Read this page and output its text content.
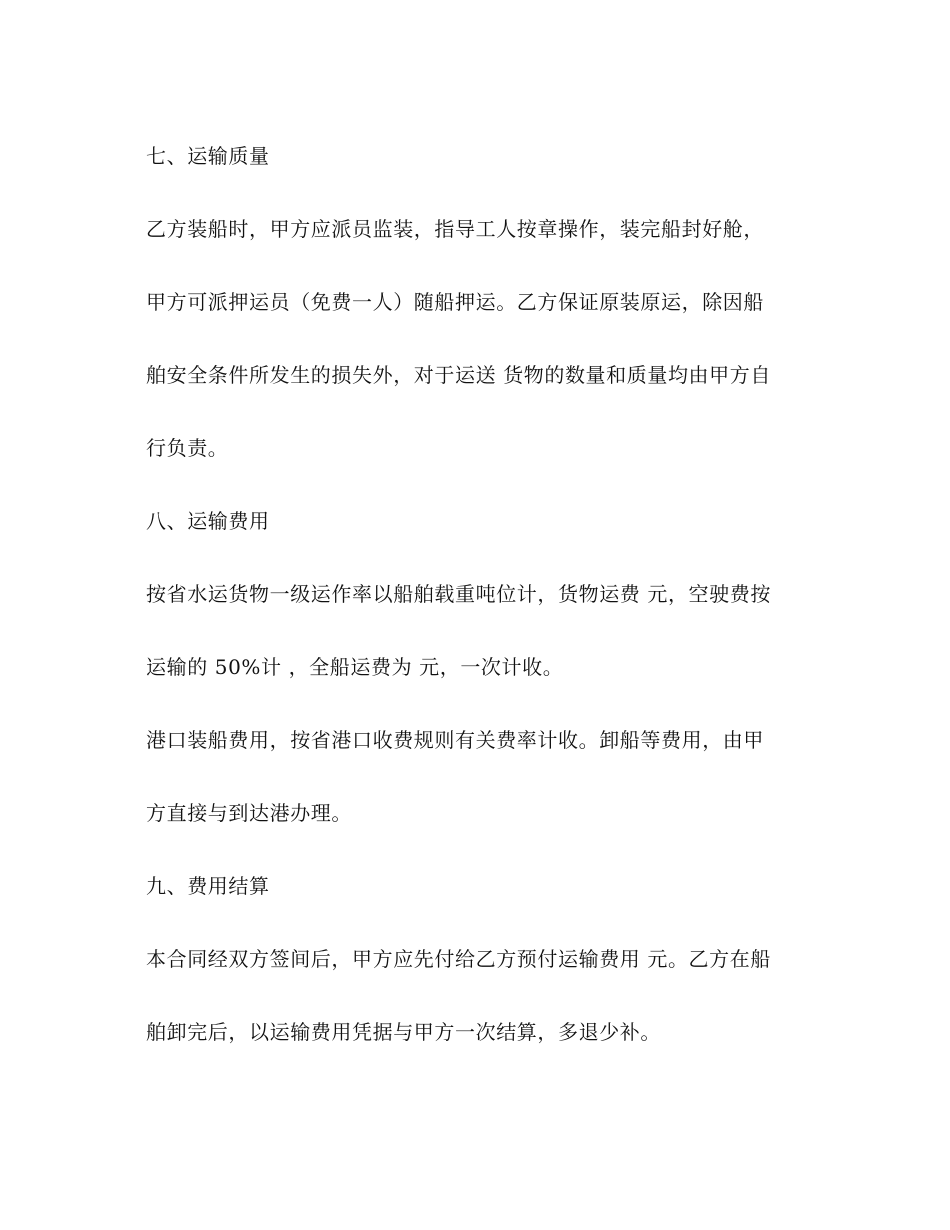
七、运输质量
乙方装船时，甲方应派员监装，指导工人按章操作，装完船封好舱，
甲方可派押运员（免费一人）随船押运。乙方保证原装原运，除因船
舶安全条件所发生的损失外，对于运送 货物的数量和质量均由甲方自
行负责。
八、运输费用
按省水运货物一级运作率以船舶载重吨位计，货物运费 元，空驶费按
运输的 50%计 ，全船运费为 元，一次计收。
港口装船费用，按省港口收费规则有关费率计收。卸船等费用，由甲
方直接与到达港办理。
九、费用结算
本合同经双方签间后，甲方应先付给乙方预付运输费用 元。乙方在船
舶卸完后，以运输费用凭据与甲方一次结算，多退少补。
